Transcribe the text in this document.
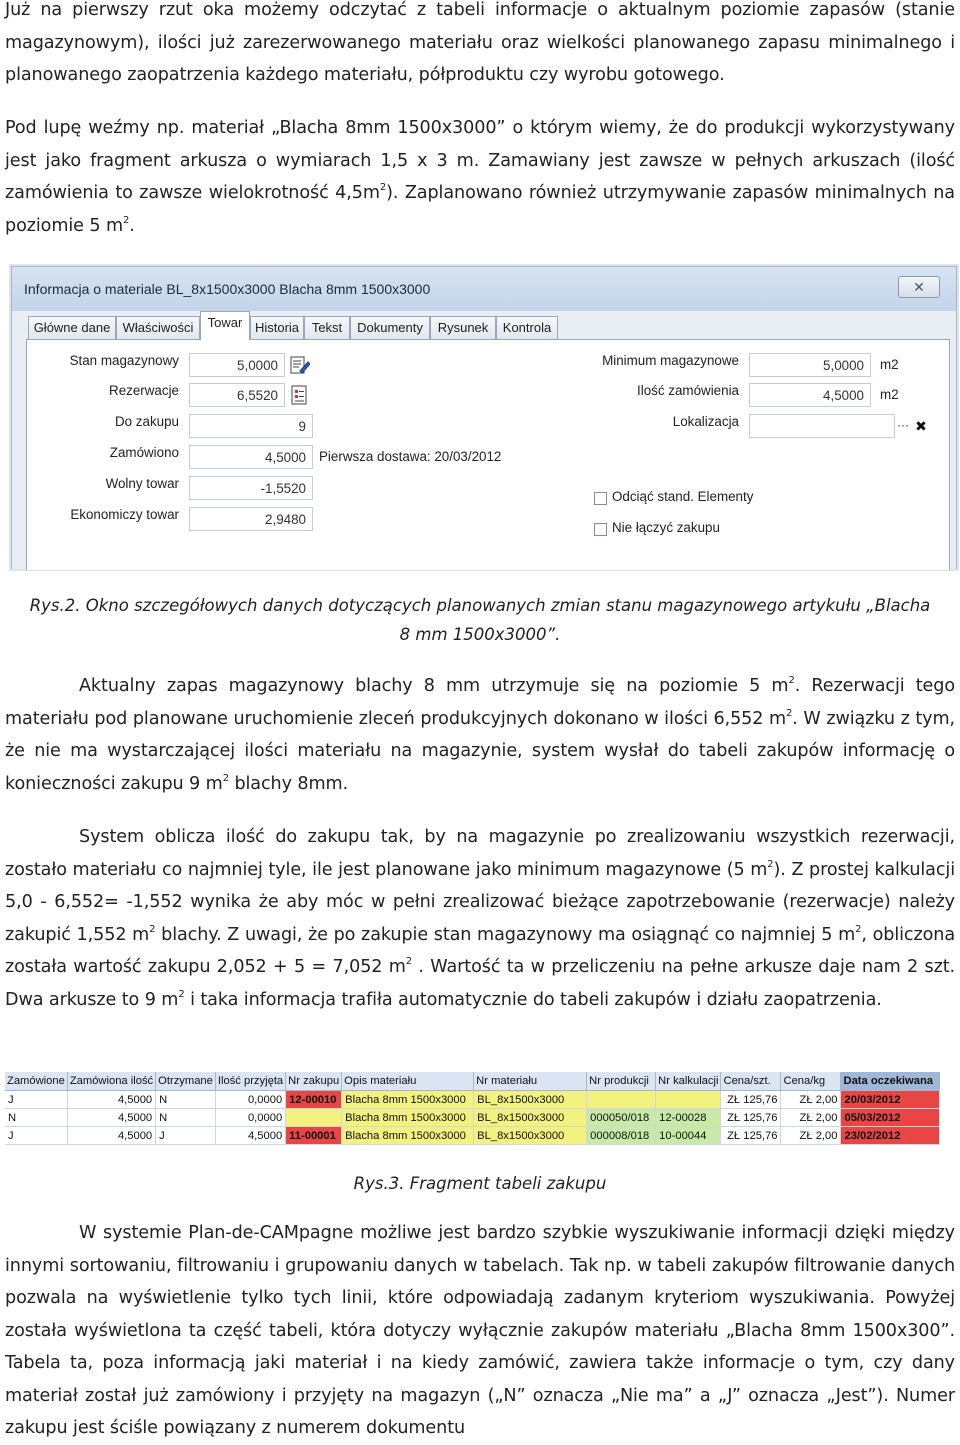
Już na pierwszy rzut oka możemy odczytać z tabeli informacje o aktualnym poziomie zapasów (stanie magazynowym), ilości już zarezerwowanego materiału oraz wielkości planowanego zapasu minimalnego i planowanego zaopatrzenia każdego materiału, półproduktu czy wyrobu gotowego.

Pod lupę weźmy np. materiał „Blacha 8mm 1500x3000” o którym wiemy, że do produkcji wykorzystywany jest jako fragment arkusza o wymiarach 1,5 x 3 m. Zamawiany jest zawsze w pełnych arkuszach (ilość zamówienia to zawsze wielokrotność $4,5m^2$). Zaplanowano również utrzymywanie zapasów minimalnych na poziomie 5 $m^2$.

Informacja o materiale BL_8x1500x3000 Blacha 8mm 1500x3000	✕
Główne dane Właściwości	Towar Historia Tekst	Dokumenty	Rysunek	Kontrola
Stan magazynowy	5,0000
Rezerwacje	6,5520
Do zakupu	9
Zamówiono	4,5000 Pierwsza dostawa: 20/03/2012
Wolny towar	-1,5520
Ekonomiczy towar	2,9480
Minimum magazynowe	5,0000	m2
Ilość zamówienia	4,5000	m2
Lokalizacja	··· ✖
Odciąć stand. Elementy
Nie łączyć zakupu
Rys.2. Okno szczegółowych danych dotyczących planowanych zmian stanu magazynowego artykułu „Blacha
8 mm 1500x3000”.

Aktualny zapas magazynowy blachy 8 mm utrzymuje się na poziomie 5 $m^2$. Rezerwacji tego materiału pod planowane uruchomienie zleceń produkcyjnych dokonano w ilości 6,552 $m^2$. W związku z tym, że nie ma wystarczającej ilości materiału na magazynie, system wysłał do tabeli zakupów informację o konieczności zakupu 9 $m^2$ blachy 8mm.

System oblicza ilość do zakupu tak, by na magazynie po zrealizowaniu wszystkich rezerwacji, zostało materiału co najmniej tyle, ile jest planowane jako minimum magazynowe (5 $m^2$). Z prostej kalkulacji 5,0 - 6,552= -1,552 wynika że aby móc w pełni zrealizować bieżące zapotrzebowanie (rezerwacje) należy zakupić 1,552 $m^2$ blachy. Z uwagi, że po zakupie stan magazynowy ma osiągnąć co najmniej 5 $m^2$, obliczona została wartość zakupu 2,052 + 5 = 7,052 $m^2$ . Wartość ta w przeliczeniu na pełne arkusze daje nam 2 szt. Dwa arkusze to 9 $m^2$ i taka informacja trafiła automatycznie do tabeli zakupów i działu zaopatrzenia.

Zamówione	Zamówiona ilość	Otrzymane	Ilość przyjęta	Nr zakupu	Opis materiału	Nr materiału	Nr produkcji	Nr kalkulacji	Cena/szt.	Cena/kg	Data oczekiwana
J	4,5000	N	0,0000	12-00010	Blacha 8mm 1500x3000	BL_8x1500x3000			ZŁ 125,76	ZŁ 2,00	20/03/2012
N	4,5000	N	0,0000		Blacha 8mm 1500x3000	BL_8x1500x3000	000050/018	12-00028	ZŁ 125,76	ZŁ 2,00	05/03/2012
J	4,5000	J	4,5000	11-00001	Blacha 8mm 1500x3000	BL_8x1500x3000	000008/018	10-00044	ZŁ 125,76	ZŁ 2,00	23/02/2012
Rys.3. Fragment tabeli zakupu

W systemie Plan-de-CAMpagne możliwe jest bardzo szybkie wyszukiwanie informacji dzięki między innymi sortowaniu, filtrowaniu i grupowaniu danych w tabelach. Tak np. w tabeli zakupów filtrowanie danych pozwala na wyświetlenie tylko tych linii, które odpowiadają zadanym kryteriom wyszukiwania. Powyżej została wyświetlona ta część tabeli, która dotyczy wyłącznie zakupów materiału „Blacha 8mm 1500x300”. Tabela ta, poza informacją jaki materiał i na kiedy zamówić, zawiera także informacje o tym, czy dany materiał został już zamówiony i przyjęty na magazyn („N” oznacza „Nie ma” a „J” oznacza „Jest”). Numer zakupu jest ściśle powiązany z numerem dokumentu
